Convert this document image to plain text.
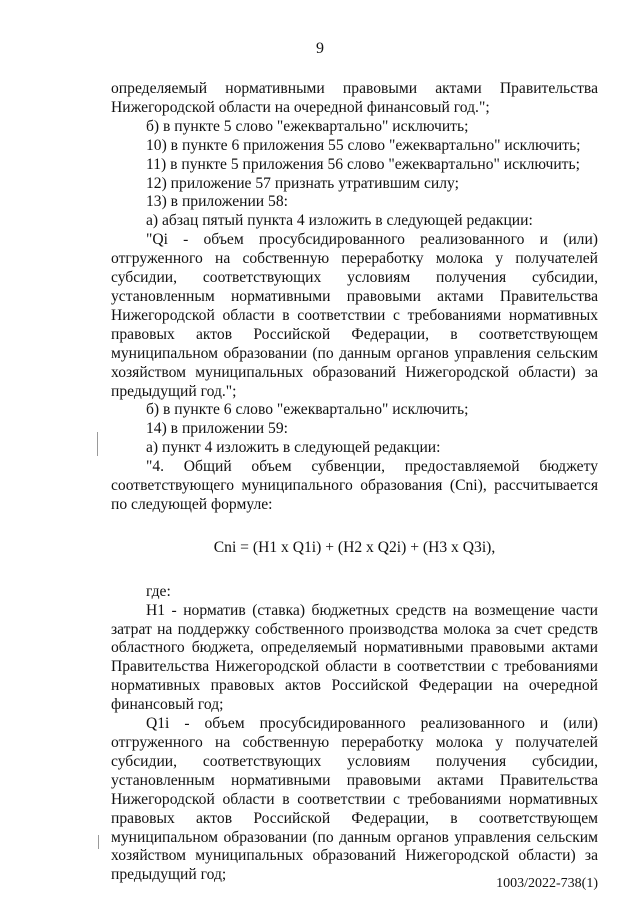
9

определяемый нормативными правовыми актами Правительства Нижегородской области на очередной финансовый год.";

б) в пункте 5 слово "ежеквартально" исключить;

10) в пункте 6 приложения 55 слово "ежеквартально" исключить;

11) в пункте 5 приложения 56 слово "ежеквартально" исключить;

12) приложение 57 признать утратившим силу;

13) в приложении 58:

а) абзац пятый пункта 4 изложить в следующей редакции:

"Qi - объем просубсидированного реализованного и (или) отгруженного на собственную переработку молока у получателей субсидии, соответствующих условиям получения субсидии, установленным нормативными правовыми актами Правительства Нижегородской области в соответствии с требованиями нормативных правовых актов Российской Федерации, в соответствующем муниципальном образовании (по данным органов управления сельским хозяйством муниципальных образований Нижегородской области) за предыдущий год.";

б) в пункте 6 слово "ежеквартально" исключить;

14) в приложении 59:

а) пункт 4 изложить в следующей редакции:

"4. Общий объем субвенции, предоставляемой бюджету соответствующего муниципального образования (Cni), рассчитывается по следующей формуле:

Cni = (H1 x Q1i) + (H2 x Q2i) + (H3 x Q3i),

где:

H1 - норматив (ставка) бюджетных средств на возмещение части затрат на поддержку собственного производства молока за счет средств областного бюджета, определяемый нормативными правовыми актами Правительства Нижегородской области в соответствии с требованиями нормативных правовых актов Российской Федерации на очередной финансовый год;

Q1i - объем просубсидированного реализованного и (или) отгруженного на собственную переработку молока у получателей субсидии, соответствующих условиям получения субсидии, установленным нормативными правовыми актами Правительства Нижегородской области в соответствии с требованиями нормативных правовых актов Российской Федерации, в соответствующем муниципальном образовании (по данным органов управления сельским хозяйством муниципальных образований Нижегородской области) за предыдущий год;

1003/2022-738(1)
